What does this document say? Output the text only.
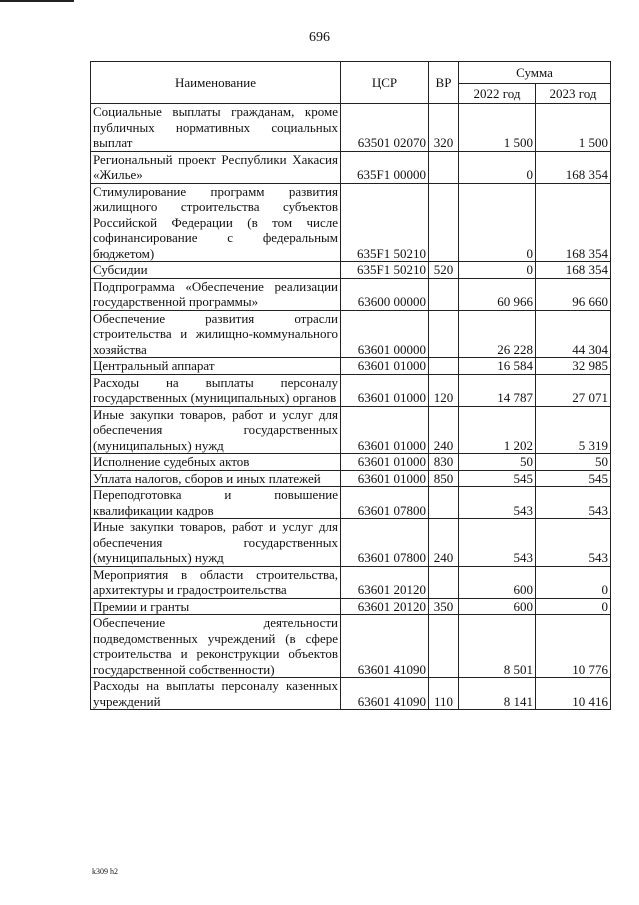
696
Наименование	ЦСР	ВР	Сумма	
			2022 год	2023 год
Социальные выплаты гражданам, кроме публичных нормативных социальных выплат	63501 02070	320	1 500	1 500
Региональный проект Республики Хакасия «Жилье»	635F1 00000		0	168 354
Стимулирование программ развития жилищного строительства субъектов Российской Федерации (в том числе софинансирование с федеральным бюджетом)	635F1 50210		0	168 354
Субсидии	635F1 50210	520	0	168 354
Подпрограмма «Обеспечение реализации государственной программы»	63600 00000		60 966	96 660
Обеспечение развития отрасли строительства и жилищно-коммунального хозяйства	63601 00000		26 228	44 304
Центральный аппарат	63601 01000		16 584	32 985
Расходы на выплаты персоналу государственных (муниципальных) органов	63601 01000	120	14 787	27 071
Иные закупки товаров, работ и услуг для обеспечения государственных (муниципальных) нужд	63601 01000	240	1 202	5 319
Исполнение судебных актов	63601 01000	830	50	50
Уплата налогов, сборов и иных платежей	63601 01000	850	545	545
Переподготовка и повышение квалификации кадров	63601 07800		543	543
Иные закупки товаров, работ и услуг для обеспечения государственных (муниципальных) нужд	63601 07800	240	543	543
Мероприятия в области строительства, архитектуры и градостроительства	63601 20120		600	0
Премии и гранты	63601 20120	350	600	0
Обеспечение деятельности подведомственных учреждений (в сфере строительства и реконструкции объектов государственной собственности)	63601 41090		8 501	10 776
Расходы на выплаты персоналу казенных учреждений	63601 41090	110	8 141	10 416
k309 h2
